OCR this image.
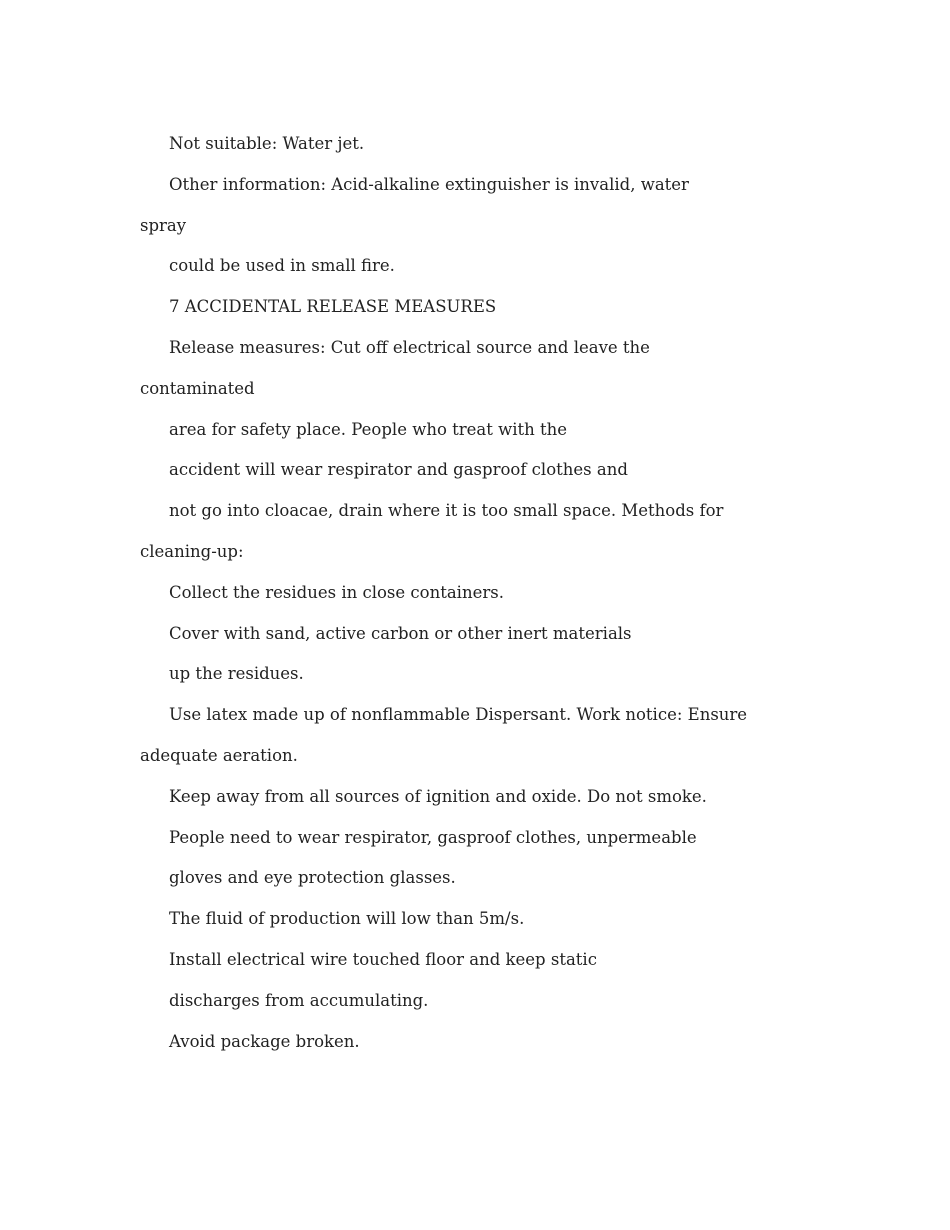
Not suitable: Water jet.

Other information: Acid-alkaline extinguisher is invalid, water

spray

could be used in small fire.

7 ACCIDENTAL RELEASE MEASURES

Release measures: Cut off electrical source and leave the

contaminated

area for safety place. People who treat with the

accident will wear respirator and gasproof clothes and

not go into cloacae, drain where it is too small space. Methods for

cleaning-up:

Collect the residues in close containers.

Cover with sand, active carbon or other inert materials

up the residues.

Use latex made up of nonflammable Dispersant. Work notice: Ensure

adequate aeration.

Keep away from all sources of ignition and oxide. Do not smoke.

People need to wear respirator, gasproof clothes, unpermeable

gloves and eye protection glasses.

The fluid of production will low than 5m/s.

Install electrical wire touched floor and keep static

discharges from accumulating.

Avoid package broken.
